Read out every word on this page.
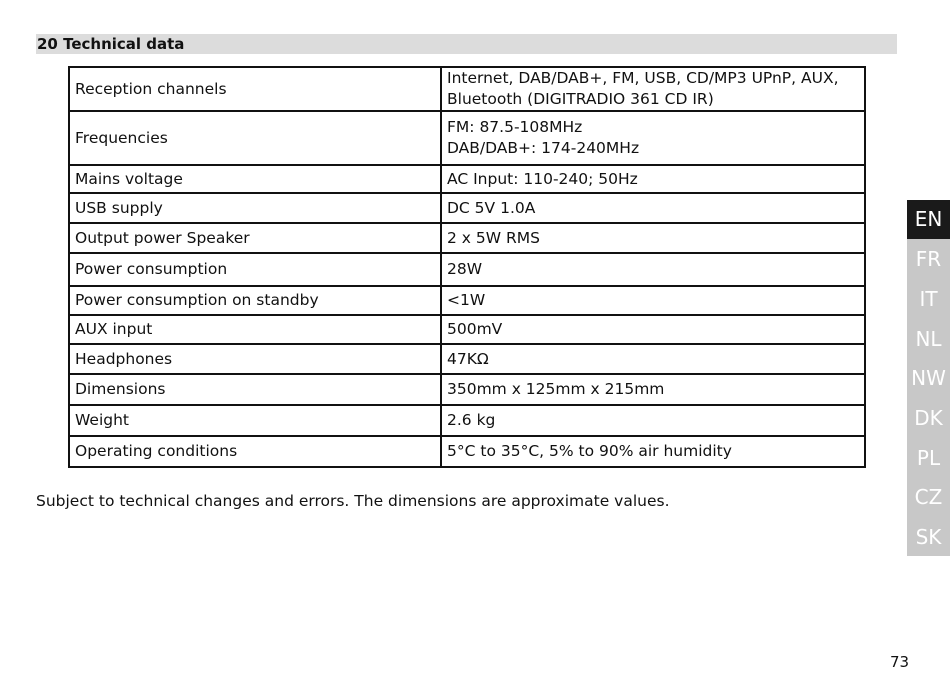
20 Technical data
Reception channels	Internet, DAB/DAB+, FM, USB, CD/MP3 UPnP, AUX,
Bluetooth (DIGITRADIO 361 CD IR)

Frequencies	FM: 87.5-108MHz
DAB/DAB+: 174-240MHz

Mains voltage	AC Input: 110-240; 50Hz

USB supply	DC 5V 1.0A

Output power Speaker	2 x 5W RMS

Power consumption	28W

Power consumption on standby	<1W

AUX input	500mV

Headphones	47KΩ

Dimensions	350mm x 125mm x 215mm

Weight	2.6 kg

Operating conditions	5°C to 35°C, 5% to 90% air humidity
Subject to technical changes and errors. The dimensions are approximate values.
EN
FR
IT
NL
NW
DK
PL
CZ
SK
73
